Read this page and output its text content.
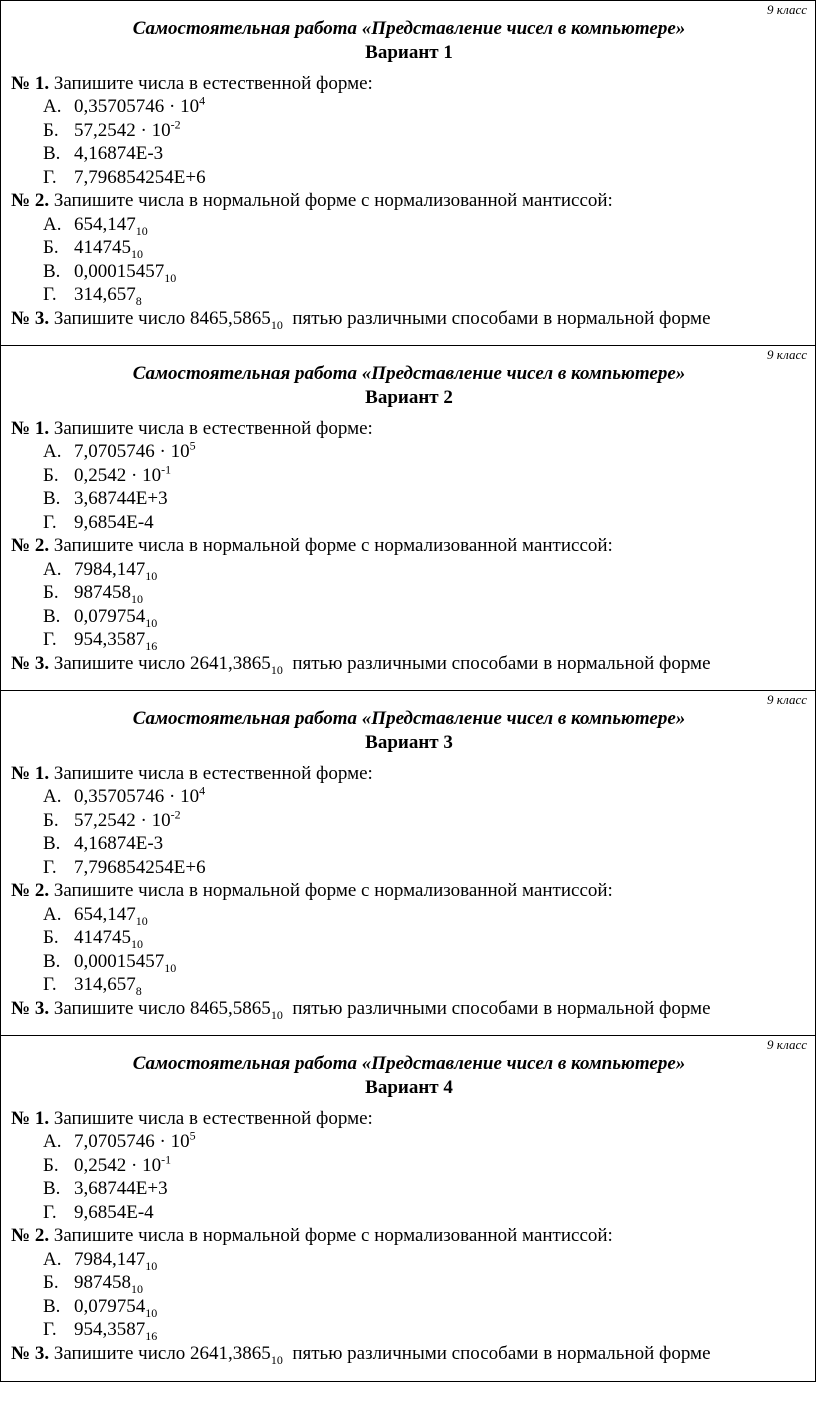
9 класс
Самостоятельная работа «Представление чисел в компьютере»
Вариант 1
№ 1. Запишите числа в естественной форме:
А. $0,35705746 \cdot 10^4$
Б. $57,2542 \cdot 10^{-2}$
В. 4,16874E-3
Г. 7,796854254E+6
№ 2. Запишите числа в нормальной форме с нормализованной мантиссой:
А. $654,147_{10}$
Б. $414745_{10}$
В. $0,00015457_{10}$
Г. $314,657_8$
№ 3. Запишите число $8465,5865_{10}$  пятью различными способами в нормальной форме
9 класс
Самостоятельная работа «Представление чисел в компьютере»
Вариант 2
№ 1. Запишите числа в естественной форме:
А. $7,0705746 \cdot 10^5$
Б. $0,2542 \cdot 10^{-1}$
В. 3,68744E+3
Г. 9,6854E-4
№ 2. Запишите числа в нормальной форме с нормализованной мантиссой:
А. $7984,147_{10}$
Б. $987458_{10}$
В. $0,079754_{10}$
Г. $954,3587_{16}$
№ 3. Запишите число $2641,3865_{10}$  пятью различными способами в нормальной форме
9 класс
Самостоятельная работа «Представление чисел в компьютере»
Вариант 3
№ 1. Запишите числа в естественной форме:
А. $0,35705746 \cdot 10^4$
Б. $57,2542 \cdot 10^{-2}$
В. 4,16874E-3
Г. 7,796854254E+6
№ 2. Запишите числа в нормальной форме с нормализованной мантиссой:
А. $654,147_{10}$
Б. $414745_{10}$
В. $0,00015457_{10}$
Г. $314,657_8$
№ 3. Запишите число $8465,5865_{10}$  пятью различными способами в нормальной форме
9 класс
Самостоятельная работа «Представление чисел в компьютере»
Вариант 4
№ 1. Запишите числа в естественной форме:
А. $7,0705746 \cdot 10^5$
Б. $0,2542 \cdot 10^{-1}$
В. 3,68744E+3
Г. 9,6854E-4
№ 2. Запишите числа в нормальной форме с нормализованной мантиссой:
А. $7984,147_{10}$
Б. $987458_{10}$
В. $0,079754_{10}$
Г. $954,3587_{16}$
№ 3. Запишите число $2641,3865_{10}$  пятью различными способами в нормальной форме
